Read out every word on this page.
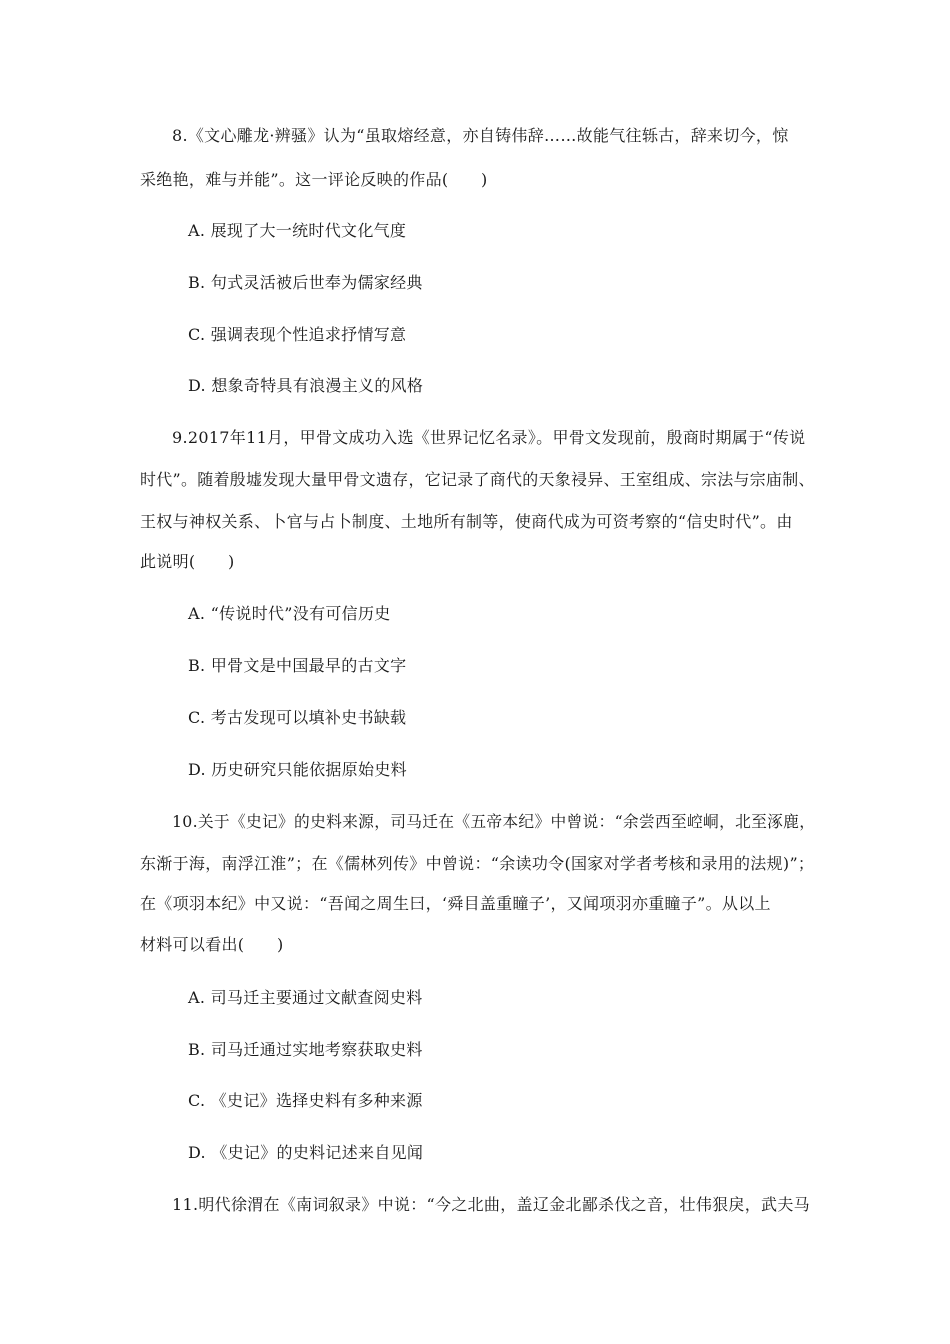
8.《文心雕龙·辨骚》认为“虽取熔经意，亦自铸伟辞……故能气往轹古，辞来切今，惊
采绝艳，难与并能”。这一评论反映的作品(　　)
A. 展现了大一统时代文化气度
B. 句式灵活被后世奉为儒家经典
C. 强调表现个性追求抒情写意
D. 想象奇特具有浪漫主义的风格
9.2017年11月，甲骨文成功入选《世界记忆名录》。甲骨文发现前，殷商时期属于“传说
时代”。随着殷墟发现大量甲骨文遗存，它记录了商代的天象祲异、王室组成、宗法与宗庙制、
王权与神权关系、卜官与占卜制度、土地所有制等，使商代成为可资考察的“信史时代”。由
此说明(　　)
A. “传说时代”没有可信历史
B. 甲骨文是中国最早的古文字
C. 考古发现可以填补史书缺载
D. 历史研究只能依据原始史料
10.关于《史记》的史料来源，司马迁在《五帝本纪》中曾说：“余尝西至崆峒，北至涿鹿，
东渐于海，南浮江淮”；在《儒林列传》中曾说：“余读功令(国家对学者考核和录用的法规)”；
在《项羽本纪》中又说：“吾闻之周生曰，‘舜目盖重瞳子’，又闻项羽亦重瞳子”。从以上
材料可以看出(　　)
A. 司马迁主要通过文献查阅史料
B. 司马迁通过实地考察获取史料
C. 《史记》选择史料有多种来源
D. 《史记》的史料记述来自见闻
11.明代徐渭在《南词叙录》中说：“今之北曲，盖辽金北鄙杀伐之音，壮伟狠戾，武夫马
